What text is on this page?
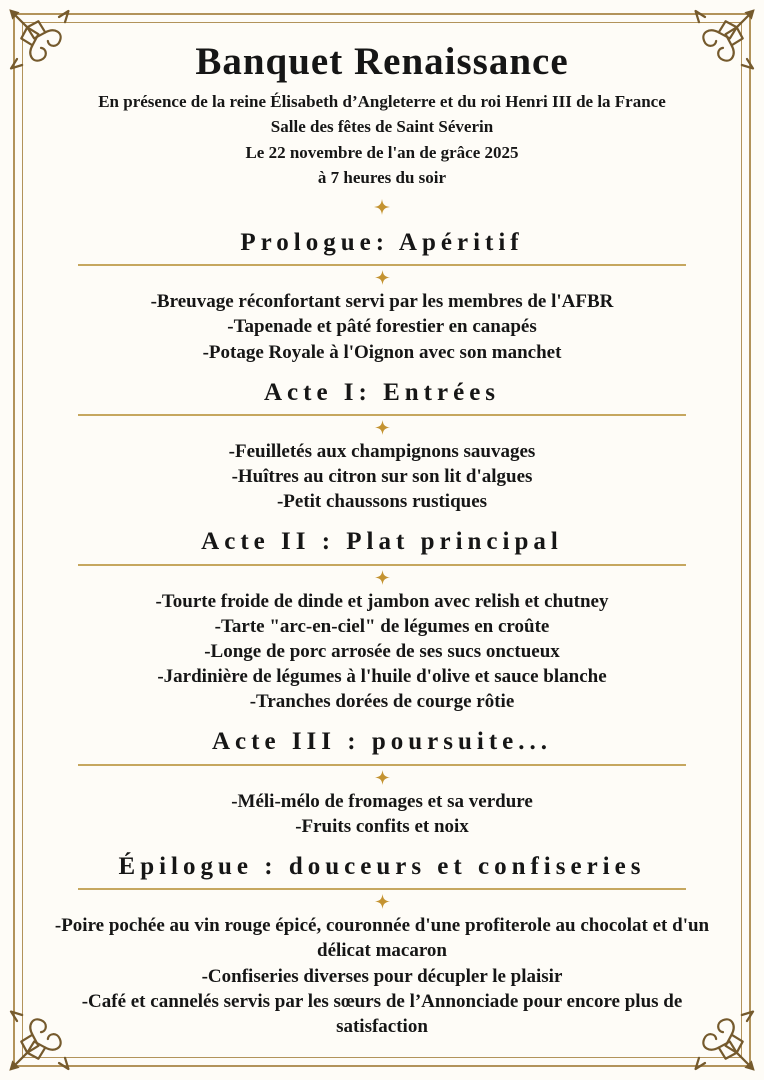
Banquet Renaissance

En présence de la reine Élisabeth d’Angleterre et du roi Henri III de la France

Salle des fêtes de Saint Séverin

Le 22 novembre de l'an de grâce 2025

à 7 heures du soir

Prologue: Apéritif
-Breuvage réconfortant servi par les membres de l'AFBR
-Tapenade et pâté forestier en canapés
-Potage Royale à l'Oignon avec son manchet
Acte I: Entrées
-Feuilletés aux champignons sauvages
-Huîtres au citron sur son lit d'algues
-Petit chaussons rustiques
Acte II : Plat principal
-Tourte froide de dinde et jambon avec relish et chutney
-Tarte "arc-en-ciel" de légumes en croûte
-Longe de porc arrosée de ses sucs onctueux
-Jardinière de légumes à l'huile d'olive et sauce blanche
-Tranches dorées de courge rôtie
Acte III : poursuite...
-Méli-mélo de fromages et sa verdure
-Fruits confits et noix
Épilogue : douceurs et confiseries
-Poire pochée au vin rouge épicé, couronnée d'une profiterole au chocolat et d'un délicat macaron
-Confiseries diverses pour décupler le plaisir
-Café et cannelés servis par les sœurs de l’Annonciade pour encore plus de satisfaction
